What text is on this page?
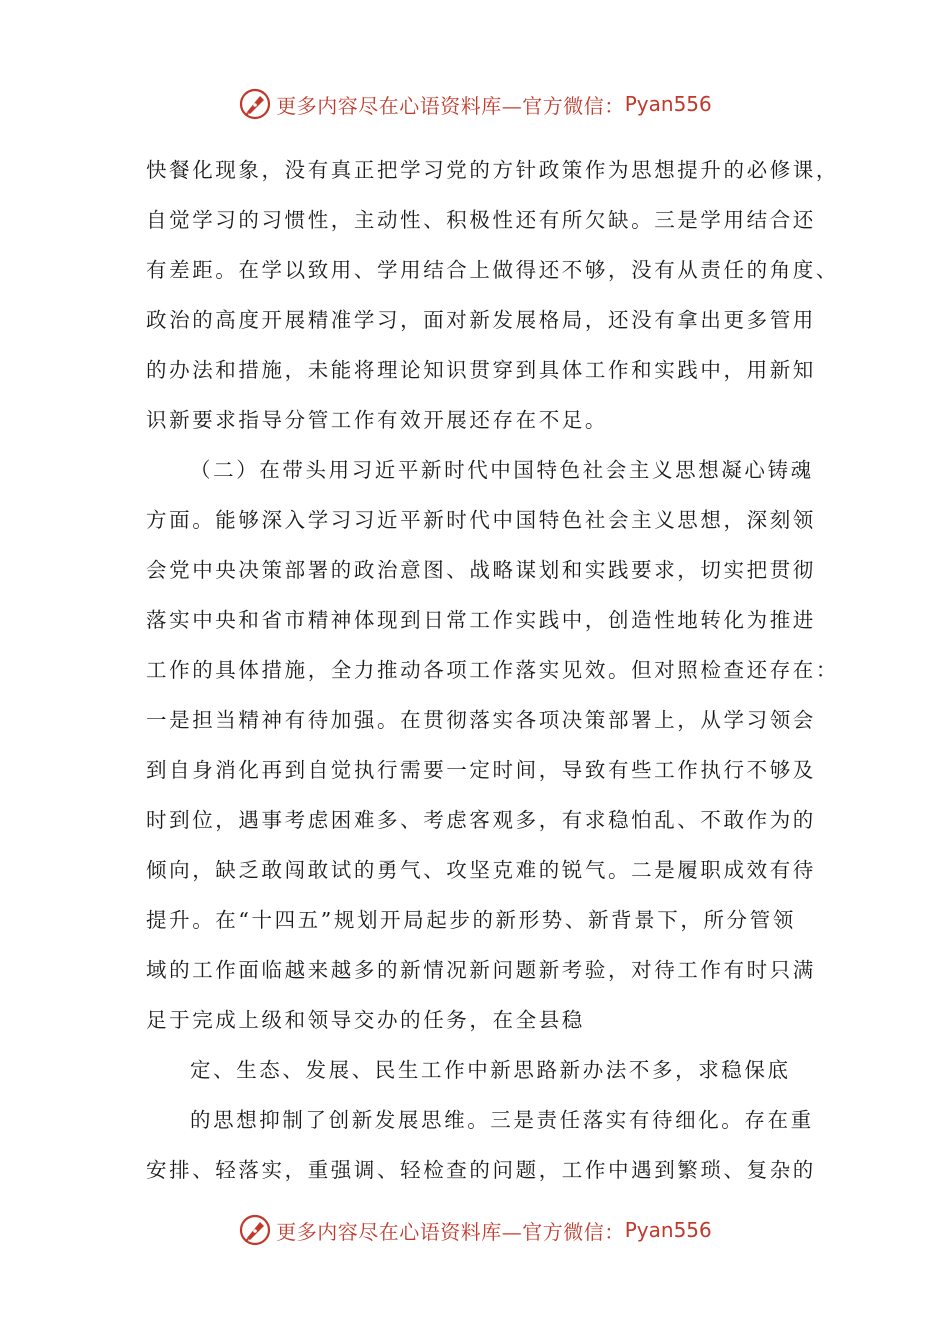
更多内容尽在心语资料库—官方微信： Pyan556
快餐化现象，没有真正把学习党的方针政策作为思想提升的必修课，
自觉学习的习惯性，主动性、积极性还有所欠缺。三是学用结合还
有差距。在学以致用、学用结合上做得还不够，没有从责任的角度、
政治的高度开展精准学习，面对新发展格局，还没有拿出更多管用
的办法和措施，未能将理论知识贯穿到具体工作和实践中，用新知
识新要求指导分管工作有效开展还存在不足。
（二）在带头用习近平新时代中国特色社会主义思想凝心铸魂
方面。能够深入学习习近平新时代中国特色社会主义思想，深刻领
会党中央决策部署的政治意图、战略谋划和实践要求，切实把贯彻
落实中央和省市精神体现到日常工作实践中，创造性地转化为推进
工作的具体措施，全力推动各项工作落实见效。但对照检查还存在：
一是担当精神有待加强。在贯彻落实各项决策部署上，从学习领会
到自身消化再到自觉执行需要一定时间，导致有些工作执行不够及
时到位，遇事考虑困难多、考虑客观多，有求稳怕乱、不敢作为的
倾向，缺乏敢闯敢试的勇气、攻坚克难的锐气。二是履职成效有待
提升。在“十四五”规划开局起步的新形势、新背景下，所分管领
域的工作面临越来越多的新情况新问题新考验，对待工作有时只满
足于完成上级和领导交办的任务，在全县稳
定、生态、发展、民生工作中新思路新办法不多，求稳保底
的思想抑制了创新发展思维。三是责任落实有待细化。存在重
安排、轻落实，重强调、轻检查的问题，工作中遇到繁琐、复杂的
更多内容尽在心语资料库—官方微信： Pyan556
